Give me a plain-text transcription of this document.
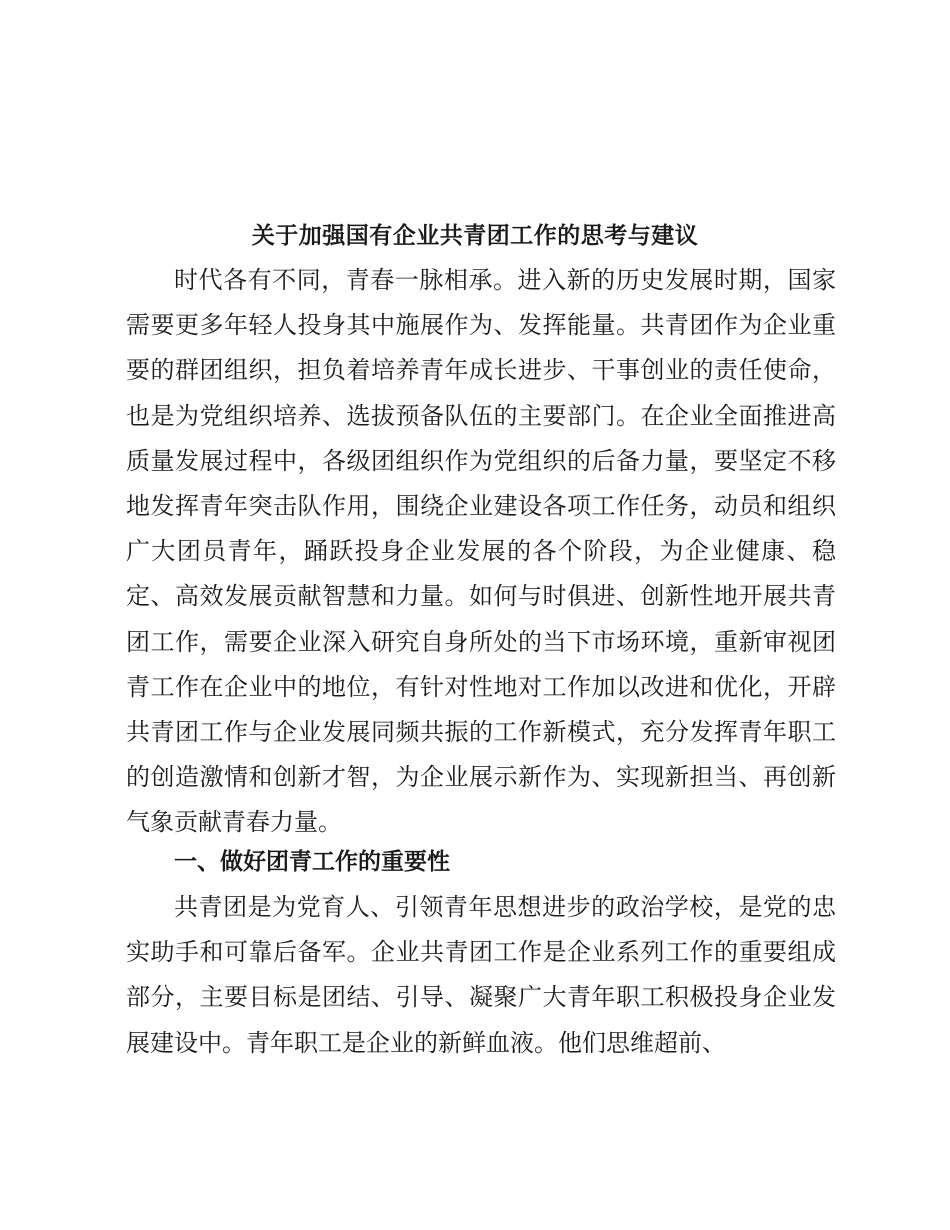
关于加强国有企业共青团工作的思考与建议

时代各有不同，青春一脉相承。进入新的历史发展时期，国家需要更多年轻人投身其中施展作为、发挥能量。共青团作为企业重要的群团组织，担负着培养青年成长进步、干事创业的责任使命，也是为党组织培养、选拔预备队伍的主要部门。在企业全面推进高质量发展过程中，各级团组织作为党组织的后备力量，要坚定不移地发挥青年突击队作用，围绕企业建设各项工作任务，动员和组织广大团员青年，踊跃投身企业发展的各个阶段，为企业健康、稳定、高效发展贡献智慧和力量。如何与时俱进、创新性地开展共青团工作，需要企业深入研究自身所处的当下市场环境，重新审视团青工作在企业中的地位，有针对性地对工作加以改进和优化，开辟共青团工作与企业发展同频共振的工作新模式，充分发挥青年职工的创造激情和创新才智，为企业展示新作为、实现新担当、再创新气象贡献青春力量。

一、做好团青工作的重要性

共青团是为党育人、引领青年思想进步的政治学校，是党的忠实助手和可靠后备军。企业共青团工作是企业系列工作的重要组成部分，主要目标是团结、引导、凝聚广大青年职工积极投身企业发展建设中。青年职工是企业的新鲜血液。他们思维超前、
